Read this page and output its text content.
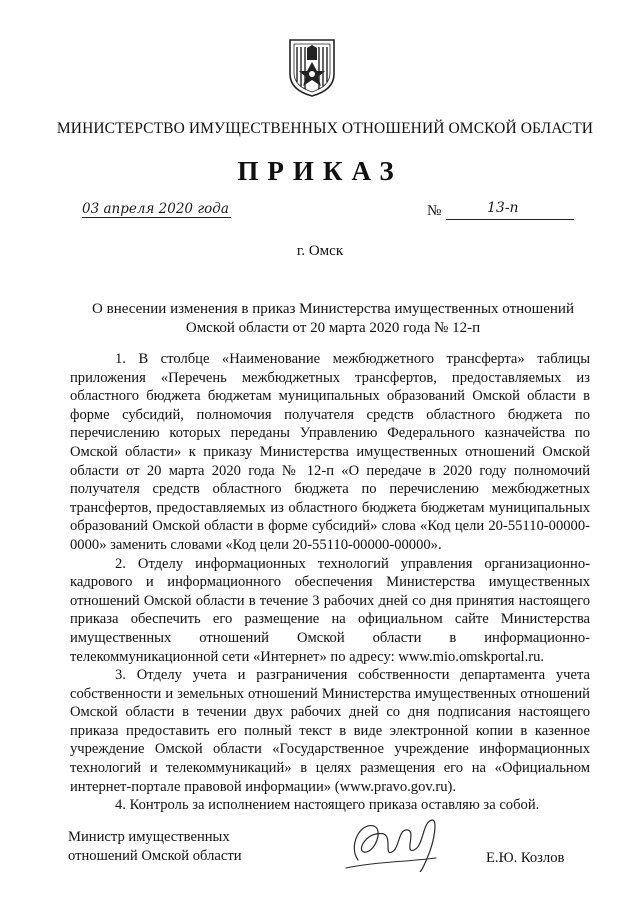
МИНИСТЕРСТВО ИМУЩЕСТВЕННЫХ ОТНОШЕНИЙ ОМСКОЙ ОБЛАСТИ
ПРИКАЗ
03 апреля 2020 года	№	13-п
г. Омск
О внесении изменения в приказ Министерства имущественных отношений
Омской области от 20 марта 2020 года № 12-п

1. В столбце «Наименование межбюджетного трансферта» таблицы приложения «Перечень межбюджетных трансфертов, предоставляемых из областного бюджета бюджетам муниципальных образований Омской области в форме субсидий, полномочия получателя средств областного бюджета по перечислению которых переданы Управлению Федерального казначейства по Омской области» к приказу Министерства имущественных отношений Омской области от 20 марта 2020 года № 12-п «О передаче в 2020 году полномочий получателя средств областного бюджета по перечислению межбюджетных трансфертов, предоставляемых из областного бюджета бюджетам муниципальных образований Омской области в форме субсидий» слова «Код цели 20-55110-00000-0000» заменить словами «Код цели 20-55110-00000-00000».

2. Отделу информационных технологий управления организационно-кадрового и информационного обеспечения Министерства имущественных отношений Омской области в течение 3 рабочих дней со дня принятия настоящего приказа обеспечить его размещение на официальном сайте Министерства имущественных отношений Омской области в информационно-телекоммуникационной сети «Интернет» по адресу: www.mio.omskportal.ru.

3. Отделу учета и разграничения собственности департамента учета собственности и земельных отношений Министерства имущественных отношений Омской области в течении двух рабочих дней со дня подписания настоящего приказа предоставить его полный текст в виде электронной копии в казенное учреждение Омской области «Государственное учреждение информационных технологий и телекоммуникаций» в целях размещения его на «Официальном интернет-портале правовой информации» (www.pravo.gov.ru).

4. Контроль за исполнением настоящего приказа оставляю за собой.

Министр имущественных
отношений Омской области	Е.Ю. Козлов
